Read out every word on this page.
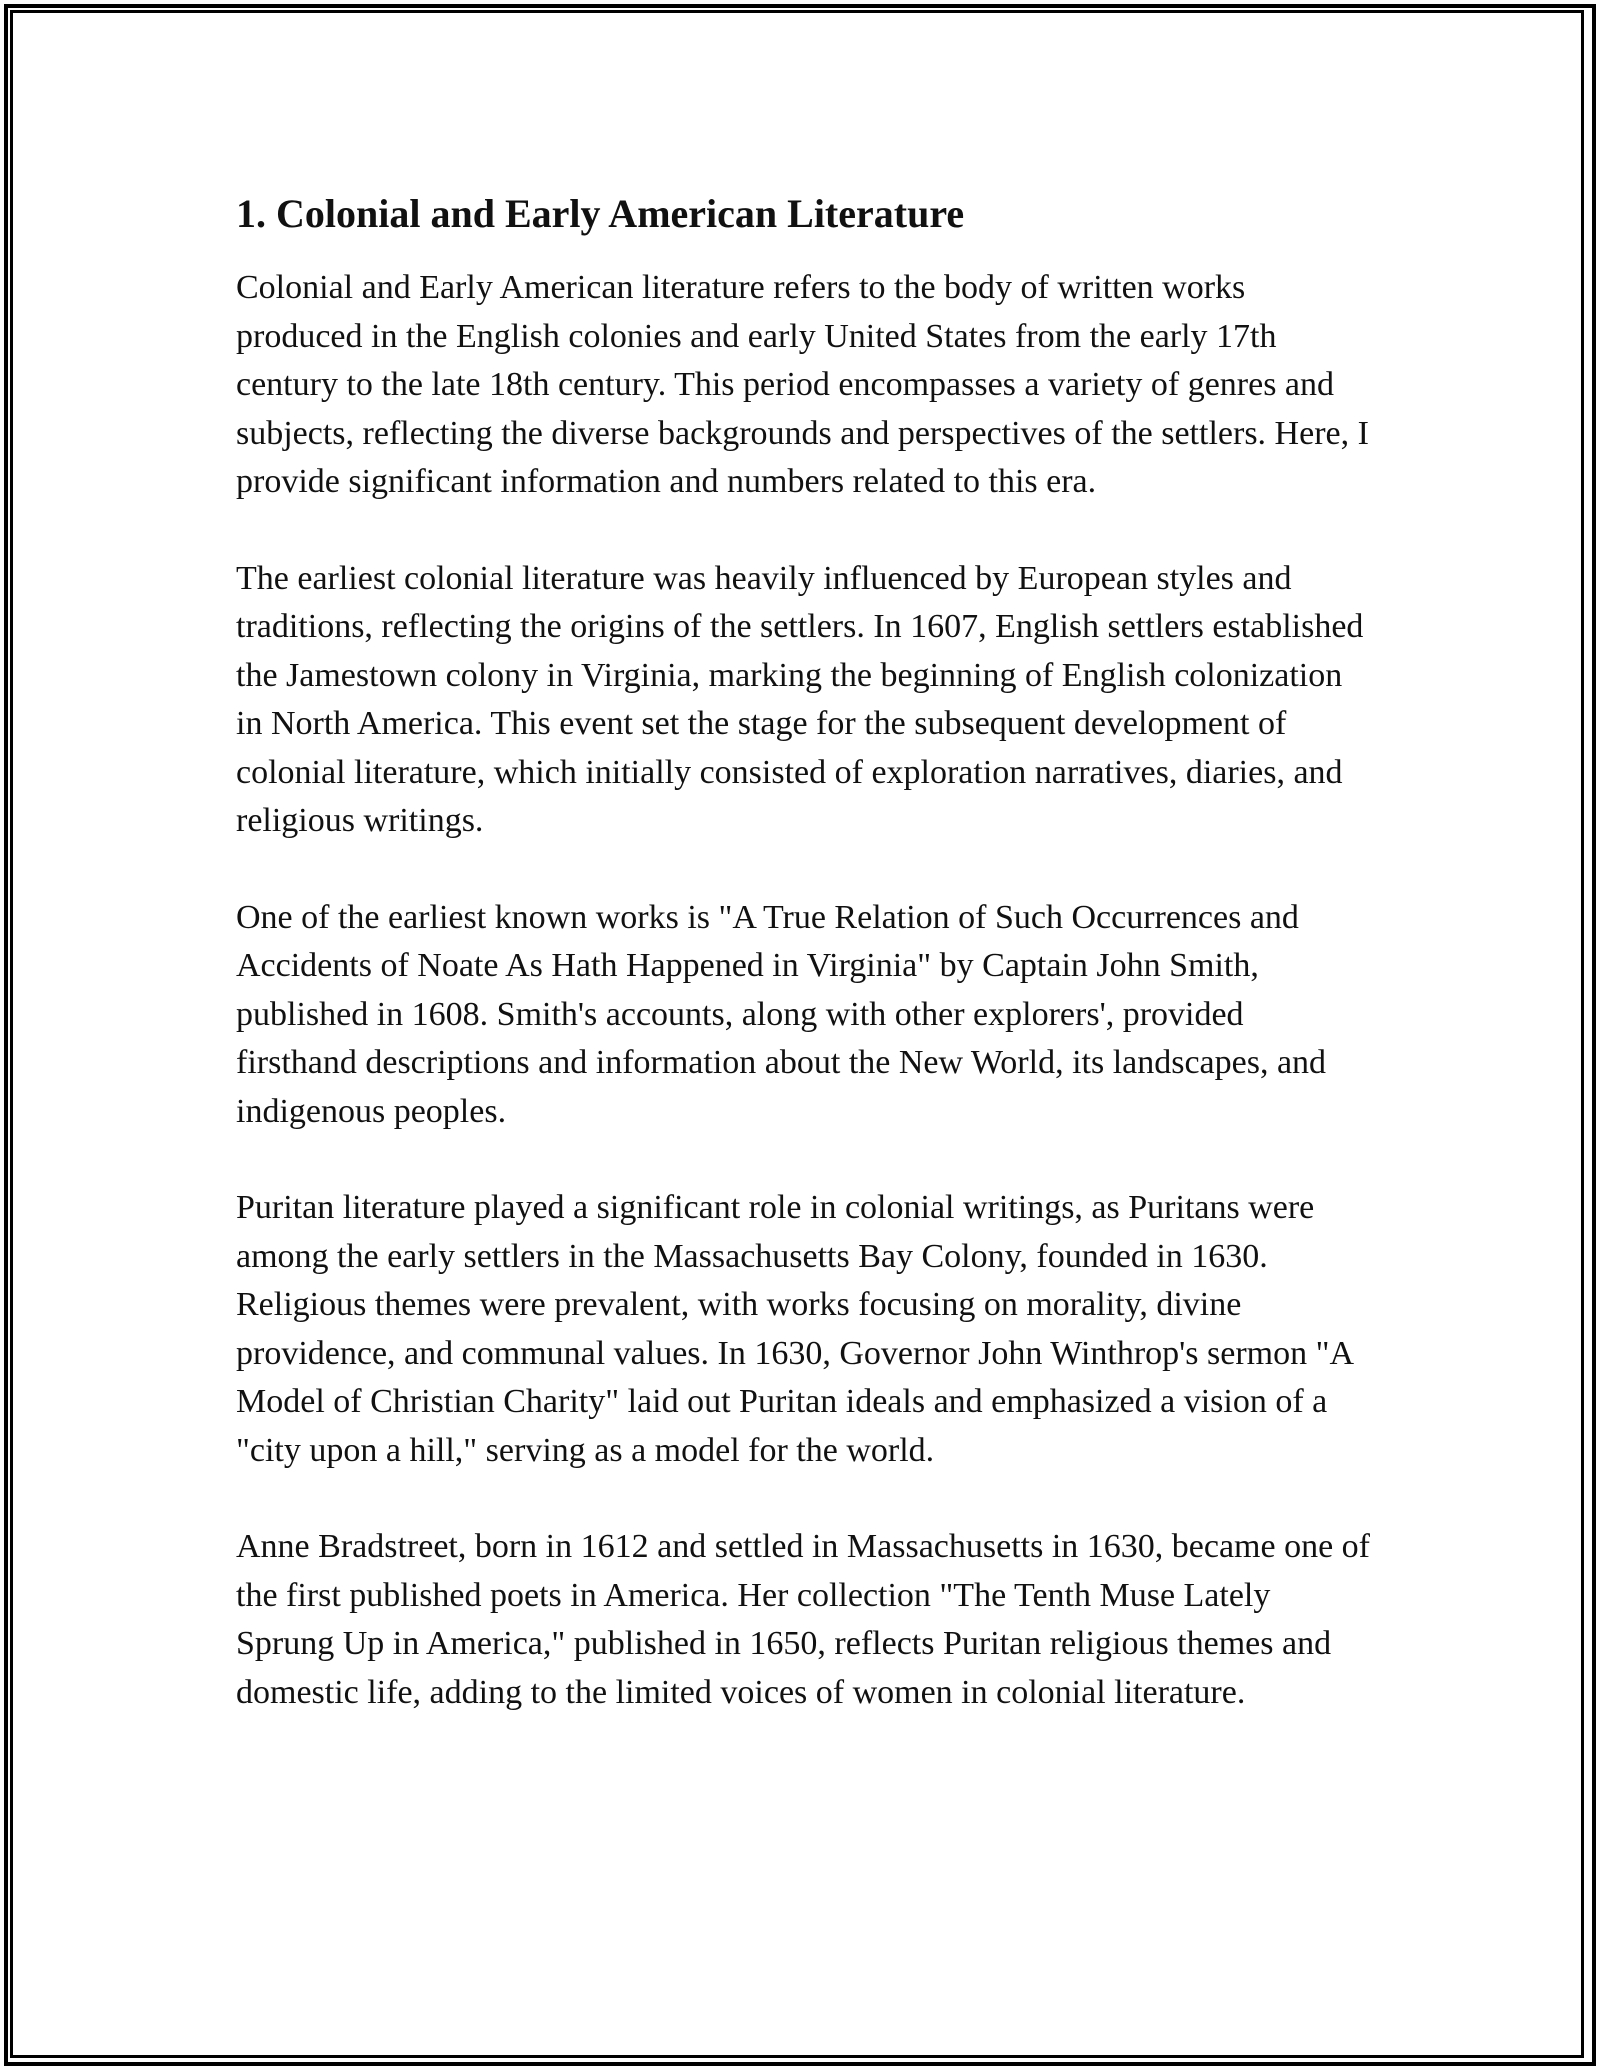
1. Colonial and Early American Literature

Colonial and Early American literature refers to the body of written works produced in the English colonies and early United States from the early 17th century to the late 18th century. This period encompasses a variety of genres and subjects, reflecting the diverse backgrounds and perspectives of the settlers. Here, I provide significant information and numbers related to this era.

The earliest colonial literature was heavily influenced by European styles and traditions, reflecting the origins of the settlers. In 1607, English settlers established the Jamestown colony in Virginia, marking the beginning of English colonization in North America. This event set the stage for the subsequent development of colonial literature, which initially consisted of exploration narratives, diaries, and religious writings.

One of the earliest known works is "A True Relation of Such Occurrences and Accidents of Noate As Hath Happened in Virginia" by Captain John Smith, published in 1608. Smith's accounts, along with other explorers', provided firsthand descriptions and information about the New World, its landscapes, and indigenous peoples.

Puritan literature played a significant role in colonial writings, as Puritans were among the early settlers in the Massachusetts Bay Colony, founded in 1630. Religious themes were prevalent, with works focusing on morality, divine providence, and communal values. In 1630, Governor John Winthrop's sermon "A Model of Christian Charity" laid out Puritan ideals and emphasized a vision of a "city upon a hill," serving as a model for the world.

Anne Bradstreet, born in 1612 and settled in Massachusetts in 1630, became one of the first published poets in America. Her collection "The Tenth Muse Lately Sprung Up in America," published in 1650, reflects Puritan religious themes and domestic life, adding to the limited voices of women in colonial literature.
